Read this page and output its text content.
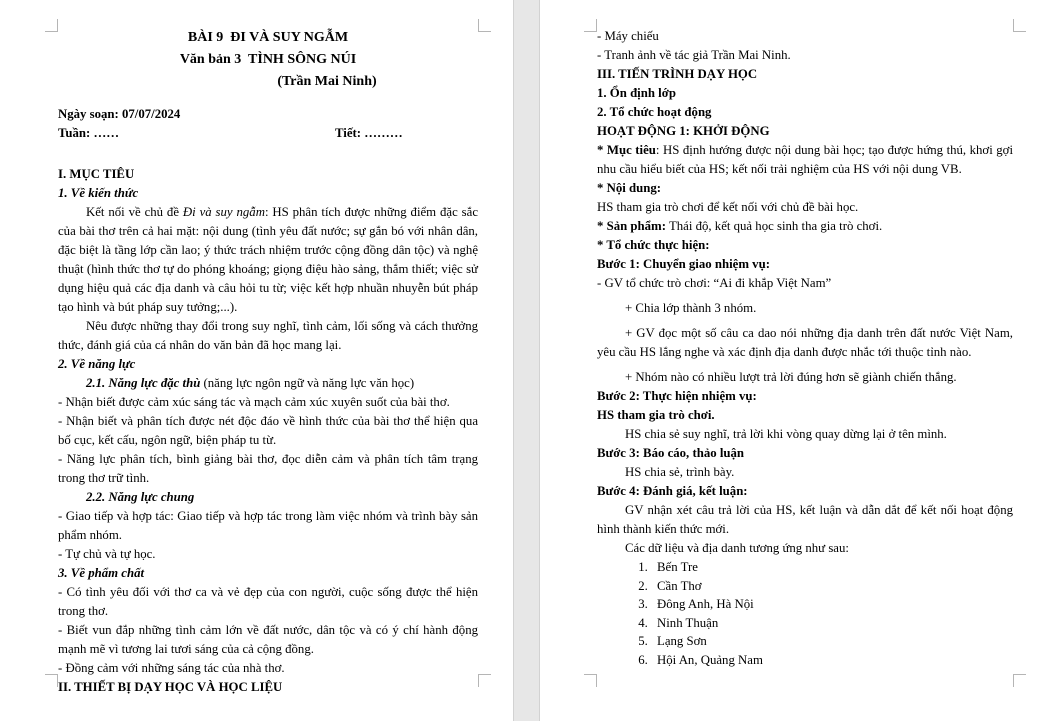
BÀI 9  ĐI VÀ SUY NGẪM
Văn bản 3  TÌNH SÔNG NÚI
(Trần Mai Ninh)
Ngày soạn: 07/07/2024
Tuần: ……	Tiết: ………
I. MỤC TIÊU
1. Về kiến thức
Kết nối về chủ đề Đi và suy ngẫm: HS phân tích được những điểm đặc sắc của bài thơ trên cả hai mặt: nội dung (tình yêu đất nước; sự gắn bó với nhân dân, đặc biệt là tầng lớp cần lao; ý thức trách nhiệm trước cộng đồng dân tộc) và nghệ thuật (hình thức thơ tự do phóng khoáng; giọng điệu hào sảng, thắm thiết; việc sử dụng hiệu quả các địa danh và câu hỏi tu từ; việc kết hợp nhuần nhuyễn bút pháp tạo hình và bút pháp suy tưởng;...).
Nêu được những thay đổi trong suy nghĩ, tình cảm, lối sống và cách thưởng thức, đánh giá của cá nhân do văn bản đã học mang lại.
2. Về năng lực
2.1. Năng lực đặc thù (năng lực ngôn ngữ và năng lực văn học)
- Nhận biết được cảm xúc sáng tác và mạch cảm xúc xuyên suốt của bài thơ.
- Nhận biết và phân tích được nét độc đáo về hình thức của bài thơ thể hiện qua bố cục, kết cấu, ngôn ngữ, biện pháp tu từ.
- Năng lực phân tích, bình giảng bài thơ, đọc diễn cảm và phân tích tâm trạng trong thơ trữ tình.
2.2. Năng lực chung
- Giao tiếp và hợp tác: Giao tiếp và hợp tác trong làm việc nhóm và trình bày sản phẩm nhóm.
- Tự chủ và tự học.
3. Về phẩm chất
- Có tình yêu đối với thơ ca và vẻ đẹp của con người, cuộc sống được thể hiện trong thơ.
- Biết vun đắp những tình cảm lớn về đất nước, dân tộc và có ý chí hành động mạnh mẽ vì tương lai tươi sáng của cả cộng đồng.
- Đồng cảm với những sáng tác của nhà thơ.
II. THIẾT BỊ DẠY HỌC VÀ HỌC LIỆU
- Máy chiếu
- Tranh ảnh về tác giả Trần Mai Ninh.
III. TIẾN TRÌNH DẠY HỌC
1. Ổn định lớp
2. Tổ chức hoạt động
HOẠT ĐỘNG 1: KHỞI ĐỘNG
* Mục tiêu: HS định hướng được nội dung bài học; tạo được hứng thú, khơi gợi nhu cầu hiểu biết của HS; kết nối trải nghiệm của HS với nội dung VB.
* Nội dung:
HS tham gia trò chơi để kết nối với chủ đề bài học.
* Sản phẩm: Thái độ, kết quả học sinh tha gia trò chơi.
* Tổ chức thực hiện:
Bước 1: Chuyển giao nhiệm vụ:
- GV tổ chức trò chơi: “Ai đi khắp Việt Nam”
+ Chia lớp thành 3 nhóm.
+ GV đọc một số câu ca dao nói những địa danh trên đất nước Việt Nam, yêu cầu HS lắng nghe và xác định địa danh được nhắc tới thuộc tỉnh nào.
+ Nhóm nào có nhiều lượt trả lời đúng hơn sẽ giành chiến thắng.
Bước 2: Thực hiện nhiệm vụ:
HS tham gia trò chơi.
HS chia sẻ suy nghĩ, trả lời khi vòng quay dừng lại ở tên mình.
Bước 3: Báo cáo, thảo luận
HS chia sẻ, trình bày.
Bước 4: Đánh giá, kết luận:
GV nhận xét câu trả lời của HS, kết luận và dẫn dắt để kết nối hoạt động hình thành kiến thức mới.
Các dữ liệu và địa danh tương ứng như sau:
1. Bến Tre
2. Cần Thơ
3. Đông Anh, Hà Nội
4. Ninh Thuận
5. Lạng Sơn
6. Hội An, Quảng Nam
